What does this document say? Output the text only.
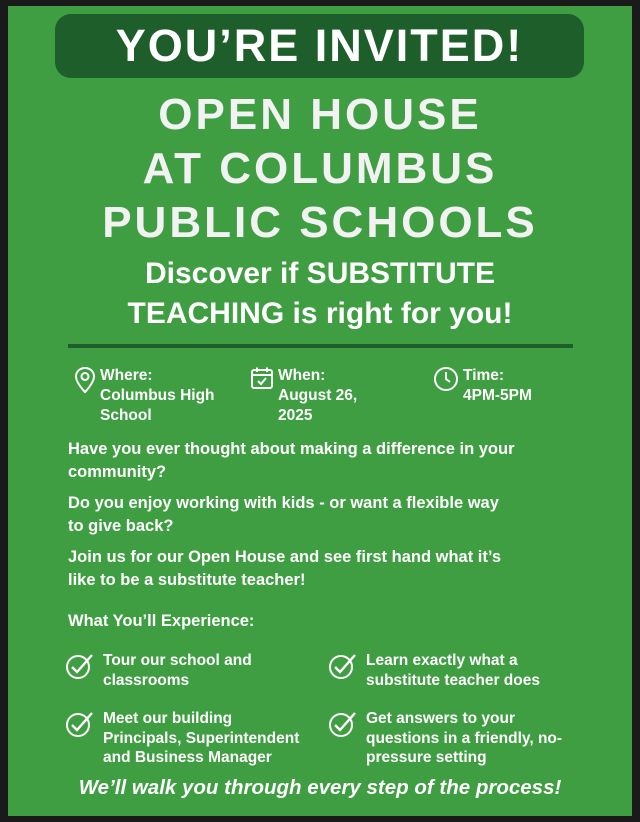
YOU’RE INVITED!
OPEN HOUSE
AT COLUMBUS
PUBLIC SCHOOLS
Discover if SUBSTITUTE
TEACHING is right for you!
Where:
Columbus High
School
When:
August 26,
2025
Time:
4PM-5PM
Have you ever thought about making a difference in your
community?
Do you enjoy working with kids - or want a flexible way
to give back?
Join us for our Open House and see first hand what it’s
like to be a substitute teacher!
What You’ll Experience:
Tour our school and
classrooms
Learn exactly what a
substitute teacher does
Meet our building
Principals, Superintendent
and Business Manager
Get answers to your
questions in a friendly, no-
pressure setting
We’ll walk you through every step of the process!
